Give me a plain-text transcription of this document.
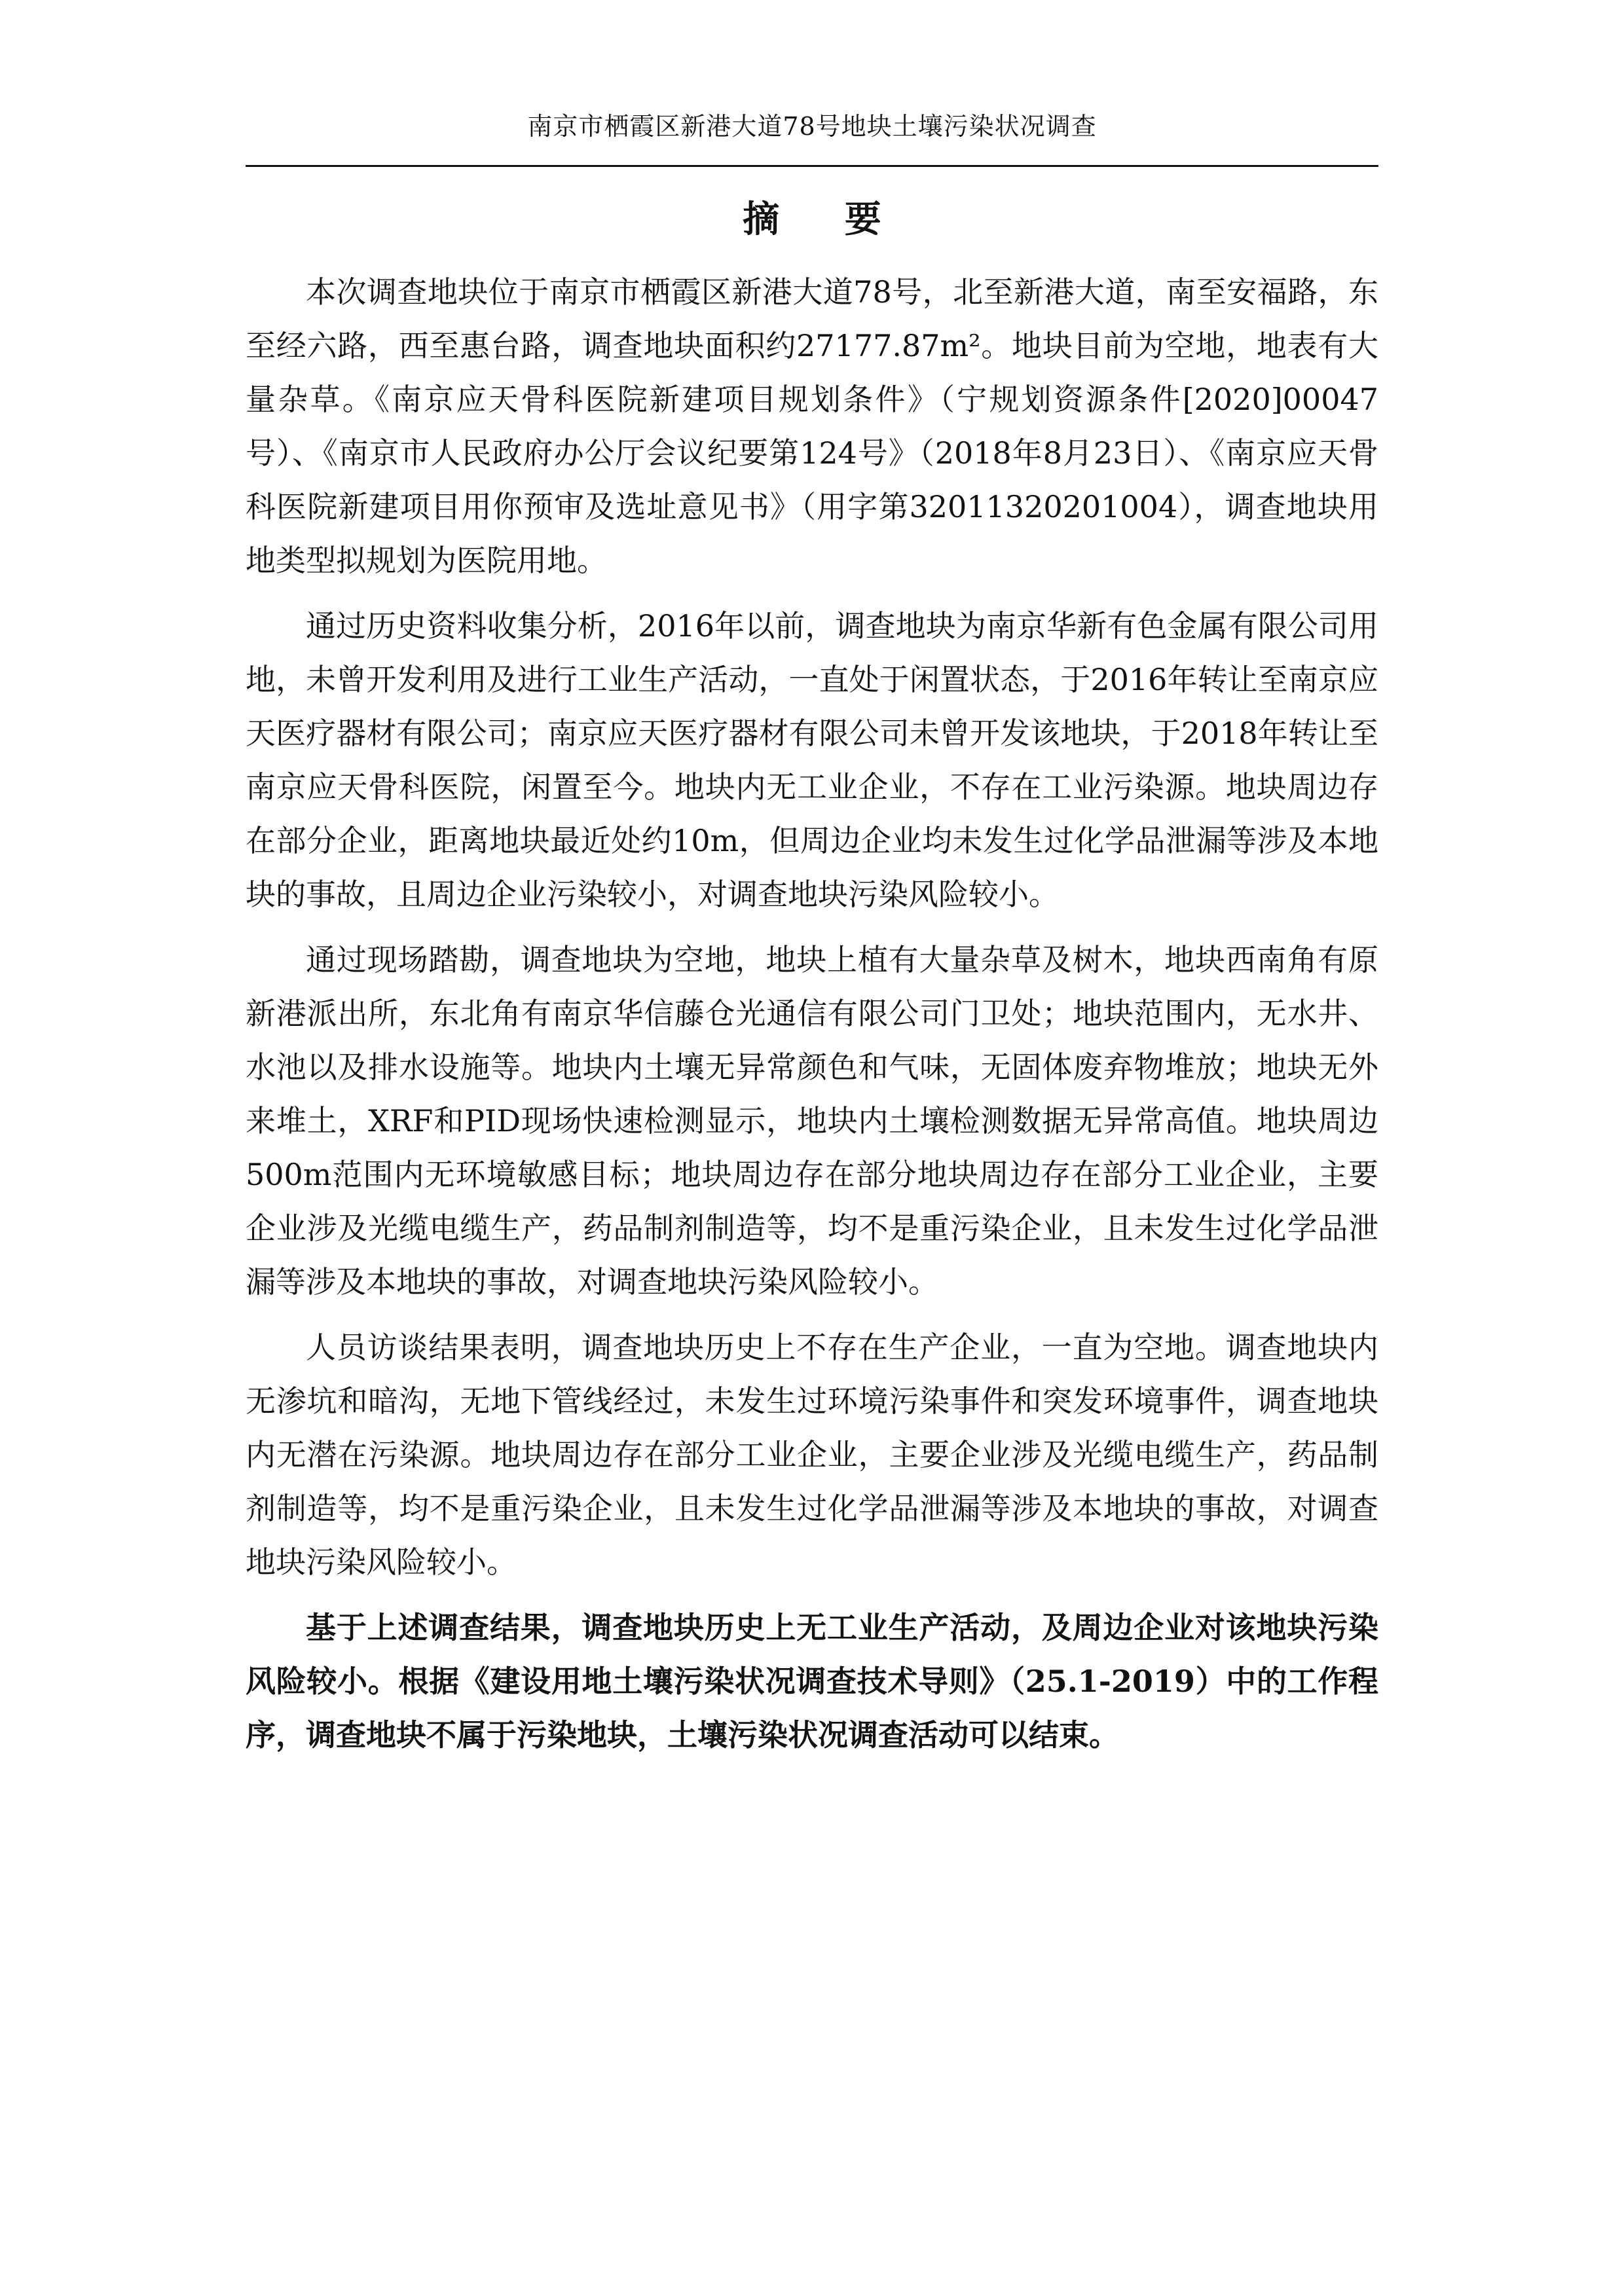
南京市栖霞区新港大道78号地块土壤污染状况调查
摘 要

本次调查地块位于南京市栖霞区新港大道78号，北至新港大道，南至安福路，东至经六路，西至惠台路，调查地块面积约27177.87m²。地块目前为空地，地表有大量杂草。《南京应天骨科医院新建项目规划条件》（宁规划资源条件[2020]00047号）、《南京市人民政府办公厅会议纪要第124号》（2018年8月23日）、《南京应天骨科医院新建项目用你预审及选址意见书》（用字第32011320201004），调查地块用地类型拟规划为医院用地。

通过历史资料收集分析，2016年以前，调查地块为南京华新有色金属有限公司用地，未曾开发利用及进行工业生产活动，一直处于闲置状态，于2016年转让至南京应天医疗器材有限公司；南京应天医疗器材有限公司未曾开发该地块，于2018年转让至南京应天骨科医院，闲置至今。地块内无工业企业，不存在工业污染源。地块周边存在部分企业，距离地块最近处约10m，但周边企业均未发生过化学品泄漏等涉及本地块的事故，且周边企业污染较小，对调查地块污染风险较小。

通过现场踏勘，调查地块为空地，地块上植有大量杂草及树木，地块西南角有原新港派出所，东北角有南京华信藤仓光通信有限公司门卫处；地块范围内，无水井、水池以及排水设施等。地块内土壤无异常颜色和气味，无固体废弃物堆放；地块无外来堆土，XRF和PID现场快速检测显示，地块内土壤检测数据无异常高值。地块周边500m范围内无环境敏感目标；地块周边存在部分地块周边存在部分工业企业，主要企业涉及光缆电缆生产，药品制剂制造等，均不是重污染企业，且未发生过化学品泄漏等涉及本地块的事故，对调查地块污染风险较小。

人员访谈结果表明，调查地块历史上不存在生产企业，一直为空地。调查地块内无渗坑和暗沟，无地下管线经过，未发生过环境污染事件和突发环境事件，调查地块内无潜在污染源。地块周边存在部分工业企业，主要企业涉及光缆电缆生产，药品制剂制造等，均不是重污染企业，且未发生过化学品泄漏等涉及本地块的事故，对调查地块污染风险较小。

基于上述调查结果，调查地块历史上无工业生产活动，及周边企业对该地块污染风险较小。根据《建设用地土壤污染状况调查技术导则》（25.1-2019）中的工作程序，调查地块不属于污染地块，土壤污染状况调查活动可以结束。
